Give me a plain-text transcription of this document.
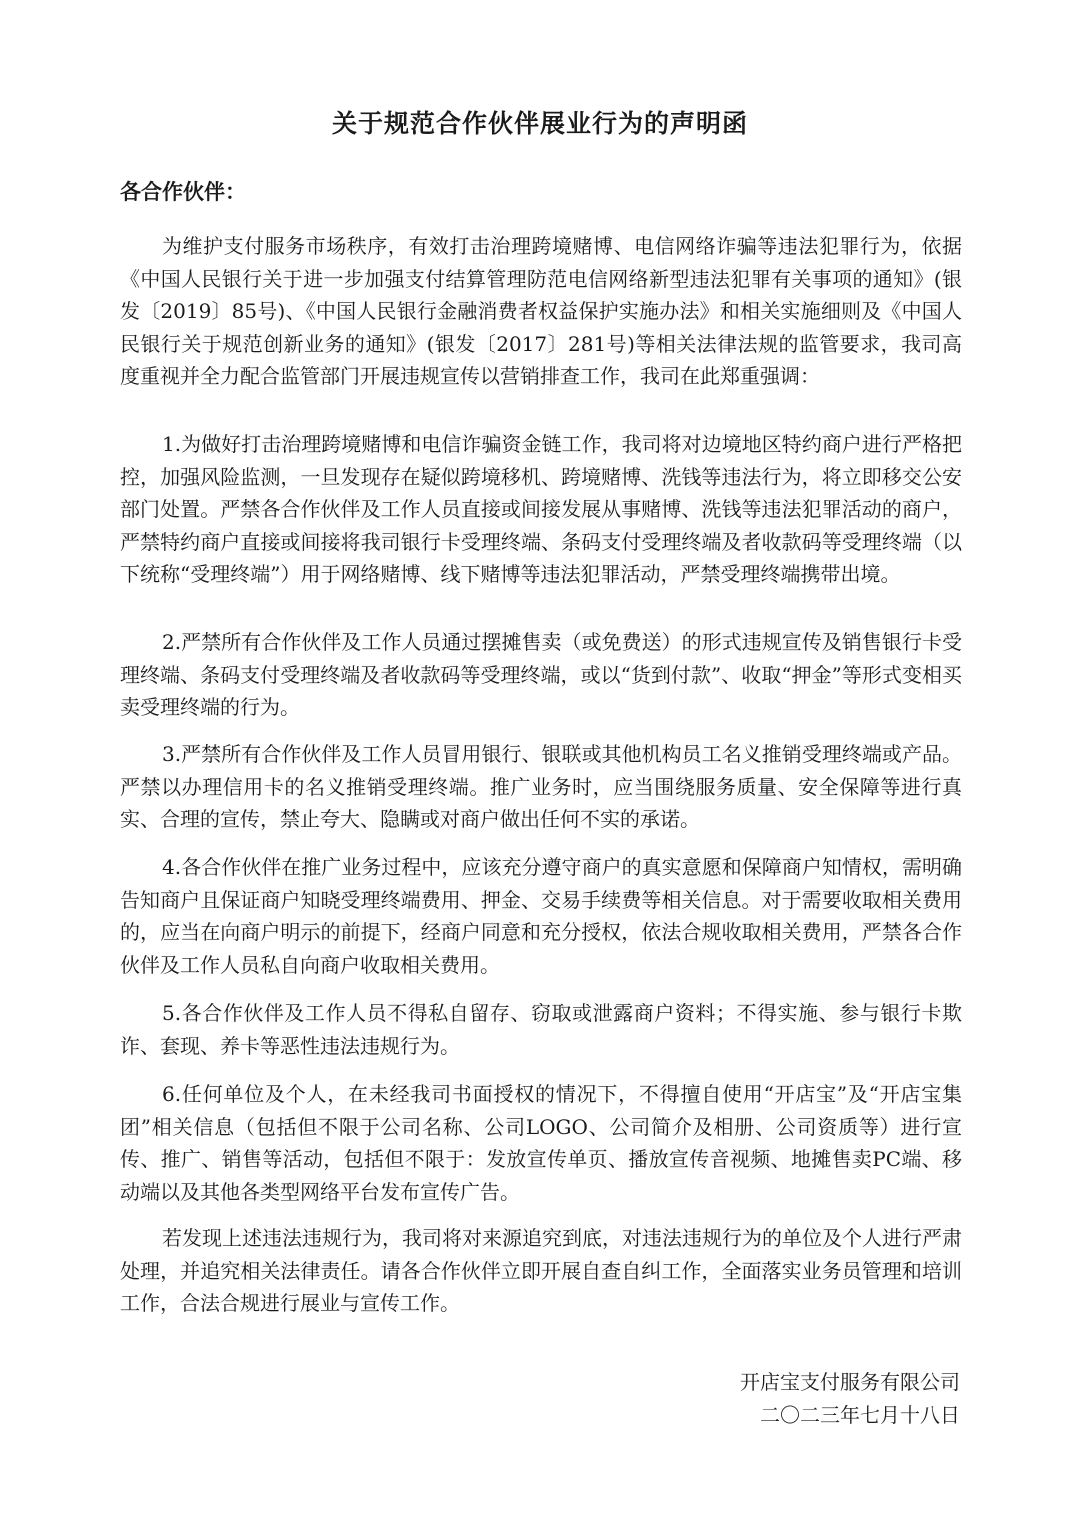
关于规范合作伙伴展业行为的声明函
各合作伙伴：

为维护支付服务市场秩序，有效打击治理跨境赌博、电信网络诈骗等违法犯罪行为，依据《中国人民银行关于进一步加强支付结算管理防范电信网络新型违法犯罪有关事项的通知》(银发〔2019〕85号)、《中国人民银行金融消费者权益保护实施办法》和相关实施细则及《中国人民银行关于规范创新业务的通知》(银发〔2017〕281号)等相关法律法规的监管要求，我司高度重视并全力配合监管部门开展违规宣传以营销排查工作，我司在此郑重强调：

1.为做好打击治理跨境赌博和电信诈骗资金链工作，我司将对边境地区特约商户进行严格把控，加强风险监测，一旦发现存在疑似跨境移机、跨境赌博、洗钱等违法行为，将立即移交公安部门处置。严禁各合作伙伴及工作人员直接或间接发展从事赌博、洗钱等违法犯罪活动的商户，严禁特约商户直接或间接将我司银行卡受理终端、条码支付受理终端及者收款码等受理终端（以下统称“受理终端”）用于网络赌博、线下赌博等违法犯罪活动，严禁受理终端携带出境。

2.严禁所有合作伙伴及工作人员通过摆摊售卖（或免费送）的形式违规宣传及销售银行卡受理终端、条码支付受理终端及者收款码等受理终端，或以“货到付款”、收取“押金”等形式变相买卖受理终端的行为。

3.严禁所有合作伙伴及工作人员冒用银行、银联或其他机构员工名义推销受理终端或产品。严禁以办理信用卡的名义推销受理终端。推广业务时，应当围绕服务质量、安全保障等进行真实、合理的宣传，禁止夸大、隐瞒或对商户做出任何不实的承诺。

4.各合作伙伴在推广业务过程中，应该充分遵守商户的真实意愿和保障商户知情权，需明确告知商户且保证商户知晓受理终端费用、押金、交易手续费等相关信息。对于需要收取相关费用的，应当在向商户明示的前提下，经商户同意和充分授权，依法合规收取相关费用，严禁各合作伙伴及工作人员私自向商户收取相关费用。

5.各合作伙伴及工作人员不得私自留存、窃取或泄露商户资料；不得实施、参与银行卡欺诈、套现、养卡等恶性违法违规行为。

6.任何单位及个人，在未经我司书面授权的情况下，不得擅自使用“开店宝”及“开店宝集团”相关信息（包括但不限于公司名称、公司LOGO、公司简介及相册、公司资质等）进行宣传、推广、销售等活动，包括但不限于：发放宣传单页、播放宣传音视频、地摊售卖PC端、移动端以及其他各类型网络平台发布宣传广告。

若发现上述违法违规行为，我司将对来源追究到底，对违法违规行为的单位及个人进行严肃处理，并追究相关法律责任。请各合作伙伴立即开展自查自纠工作，全面落实业务员管理和培训工作，合法合规进行展业与宣传工作。

开店宝支付服务有限公司
二〇二三年七月十八日
